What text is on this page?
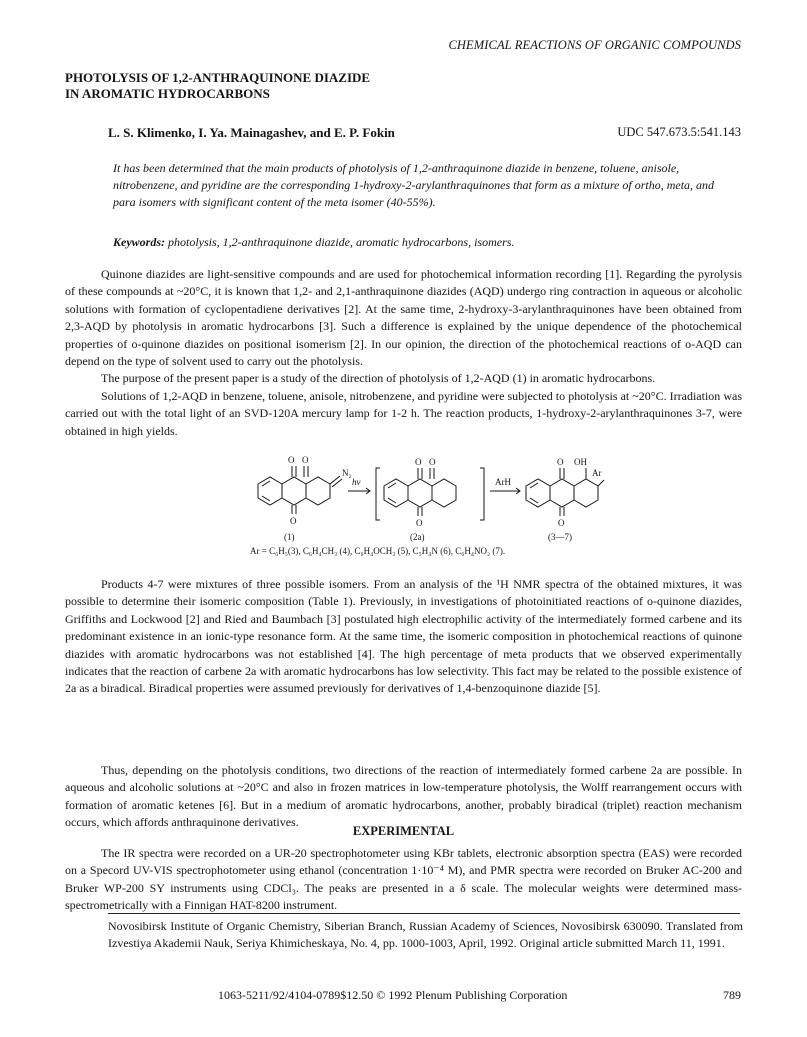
CHEMICAL REACTIONS OF ORGANIC COMPOUNDS
PHOTOLYSIS OF 1,2-ANTHRAQUINONE DIAZIDE
IN AROMATIC HYDROCARBONS
L. S. Klimenko, I. Ya. Mainagashev, and E. P. Fokin	UDC 547.673.5:541.143
It has been determined that the main products of photolysis of 1,2-anthraquinone diazide in benzene, toluene, anisole, nitrobenzene, and pyridine are the corresponding 1-hydroxy-2-arylanthraquinones that form as a mixture of ortho, meta, and para isomers with significant content of the meta isomer (40-55%).
Keywords: photolysis, 1,2-anthraquinone diazide, aromatic hydrocarbons, isomers.

Quinone diazides are light-sensitive compounds and are used for photochemical information recording [1]. Regarding the pyrolysis of these compounds at ~20°C, it is known that 1,2- and 2,1-anthraquinone diazides (AQD) undergo ring contraction in aqueous or alcoholic solutions with formation of cyclopentadiene derivatives [2]. At the same time, 2-hydroxy-3-arylanthraquinones have been obtained from 2,3-AQD by photolysis in aromatic hydrocarbons [3]. Such a difference is explained by the unique dependence of the photochemical properties of o-quinone diazides on positional isomerism [2]. In our opinion, the direction of the photochemical reactions of o-AQD can depend on the type of solvent used to carry out the photolysis.

The purpose of the present paper is a study of the direction of photolysis of 1,2-AQD (1) in aromatic hydrocarbons.

Solutions of 1,2-AQD in benzene, toluene, anisole, nitrobenzene, and pyridine were subjected to photolysis at ~20°C. Irradiation was carried out with the total light of an SVD-120A mercury lamp for 1-2 h. The reaction products, 1-hydroxy-2-arylanthraquinones 3-7, were obtained in high yields.

O O
O
N₂
hν
O O
O
ArH
O OH
Ar
O
(1)	(2a)	(3—7)
Ar = C₆H₅(3), C₆H₄CH₃ (4), C₆H₄OCH₃ (5), C₅H₄N (6), C₆H₄NO₂ (7).

Products 4-7 were mixtures of three possible isomers. From an analysis of the ¹H NMR spectra of the obtained mixtures, it was possible to determine their isomeric composition (Table 1). Previously, in investigations of photoinitiated reactions of o-quinone diazides, Griffiths and Lockwood [2] and Ried and Baumbach [3] postulated high electrophilic activity of the intermediately formed carbene and its predominant existence in an ionic-type resonance form. At the same time, the isomeric composition in photochemical reactions of quinone diazides with aromatic hydrocarbons was not established [4]. The high percentage of meta products that we observed experimentally indicates that the reaction of carbene 2a with aromatic hydrocarbons has low selectivity. This fact may be related to the possible existence of 2a as a biradical. Biradical properties were assumed previously for derivatives of 1,4-benzoquinone diazide [5].

Thus, depending on the photolysis conditions, two directions of the reaction of intermediately formed carbene 2a are possible. In aqueous and alcoholic solutions at ~20°C and also in frozen matrices in low-temperature photolysis, the Wolff rearrangement occurs with formation of aromatic ketenes [6]. But in a medium of aromatic hydrocarbons, another, probably biradical (triplet) reaction mechanism occurs, which affords anthraquinone derivatives.

EXPERIMENTAL

The IR spectra were recorded on a UR-20 spectrophotometer using KBr tablets, electronic absorption spectra (EAS) were recorded on a Specord UV-VIS spectrophotometer using ethanol (concentration 1·10⁻⁴ M), and PMR spectra were recorded on Bruker AC-200 and Bruker WP-200 SY instruments using CDCl₃. The peaks are presented in a δ scale. The molecular weights were determined mass-spectrometrically with a Finnigan HAT-8200 instrument.

Novosibirsk Institute of Organic Chemistry, Siberian Branch, Russian Academy of Sciences, Novosibirsk 630090. Translated from Izvestiya Akademii Nauk, Seriya Khimicheskaya, No. 4, pp. 1000-1003, April, 1992. Original article submitted March 11, 1991.

1063-5211/92/4104-0789$12.50 © 1992 Plenum Publishing Corporation	789
